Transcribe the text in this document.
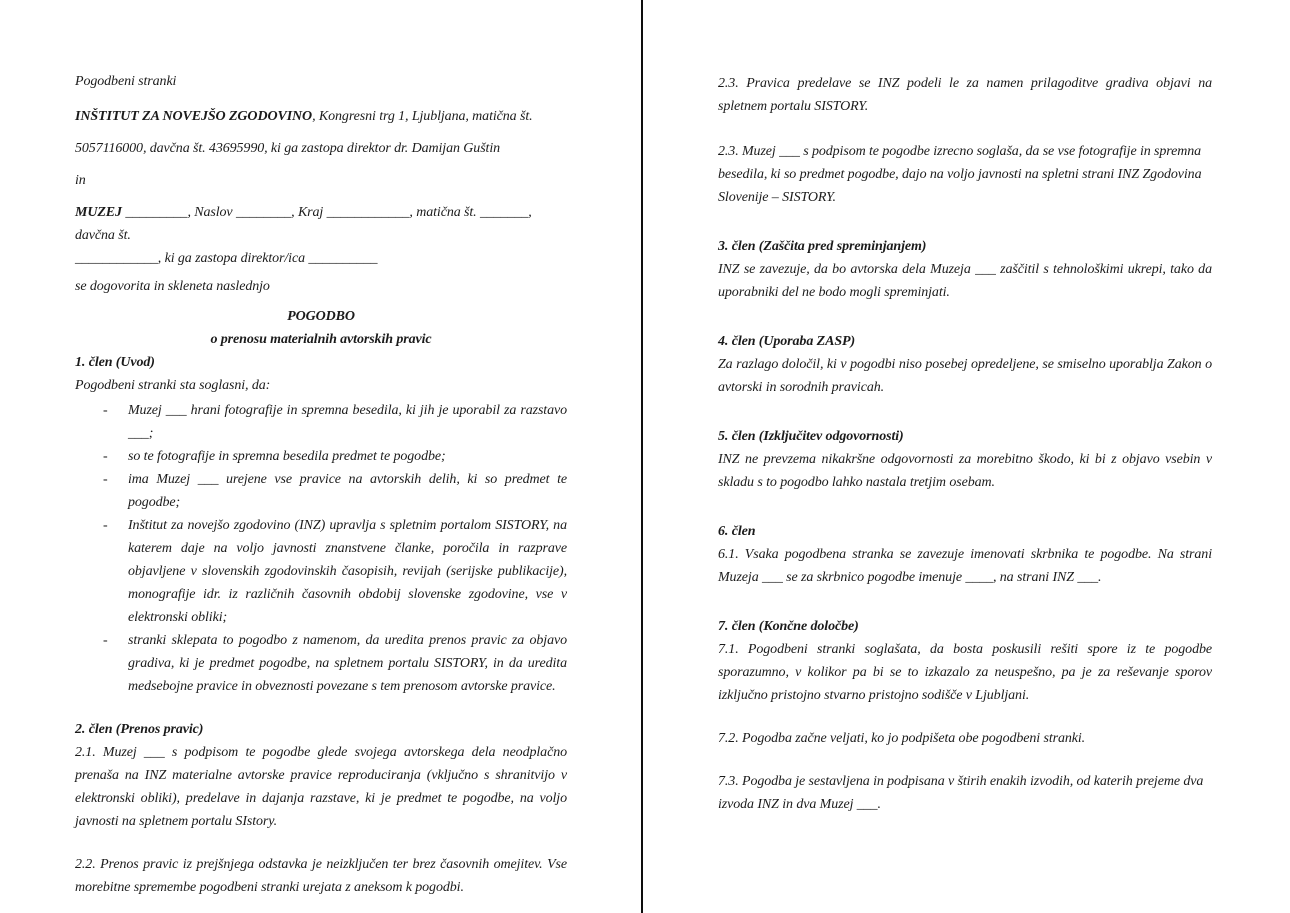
Pogodbeni stranki

INŠTITUT ZA NOVEJŠO ZGODOVINO, Kongresni trg 1, Ljubljana, matična št.

5057116000, davčna št. 43695990, ki ga zastopa direktor dr. Damijan Guštin

in

MUZEJ _________, Naslov ________, Kraj ____________, matična št. _______, davčna št.

____________, ki ga zastopa direktor/ica __________

se dogovorita in skleneta naslednjo

POGODBO

o prenosu materialnih avtorskih pravic

1. člen (Uvod)

Pogodbeni stranki sta soglasni, da:

- Muzej ___ hrani fotografije in spremna besedila, ki jih je uporabil za razstavo ___;
- so te fotografije in spremna besedila predmet te pogodbe;
- ima Muzej ___ urejene vse pravice na avtorskih delih, ki so predmet te pogodbe;
- Inštitut za novejšo zgodovino (INZ) upravlja s spletnim portalom SISTORY, na katerem daje na voljo javnosti znanstvene članke, poročila in razprave objavljene v slovenskih zgodovinskih časopisih, revijah (serijske publikacije), monografije idr. iz različnih časovnih obdobij slovenske zgodovine, vse v elektronski obliki;
- stranki sklepata to pogodbo z namenom, da uredita prenos pravic za objavo gradiva, ki je predmet pogodbe, na spletnem portalu SISTORY, in da uredita medsebojne pravice in obveznosti povezane s tem prenosom avtorske pravice.

2. člen (Prenos pravic)

2.1. Muzej ___ s podpisom te pogodbe glede svojega avtorskega dela neodplačno prenaša na INZ materialne avtorske pravice reproduciranja (vključno s shranitvijo v elektronski obliki), predelave in dajanja razstave, ki je predmet te pogodbe, na voljo javnosti na spletnem portalu SIstory.

2.2. Prenos pravic iz prejšnjega odstavka je neizključen ter brez časovnih omejitev. Vse morebitne spremembe pogodbeni stranki urejata z aneksom k pogodbi.

2.3. Pravica predelave se INZ podeli le za namen prilagoditve gradiva objavi na spletnem portalu SISTORY.

2.3. Muzej ___ s podpisom te pogodbe izrecno soglaša, da se vse fotografije in spremna besedila, ki so predmet pogodbe, dajo na voljo javnosti na spletni strani INZ Zgodovina Slovenije – SISTORY.

3. člen (Zaščita pred spreminjanjem)

INZ se zavezuje, da bo avtorska dela Muzeja ___ zaščitil s tehnološkimi ukrepi, tako da uporabniki del ne bodo mogli spreminjati.

4. člen (Uporaba ZASP)

Za razlago določil, ki v pogodbi niso posebej opredeljene, se smiselno uporablja Zakon o avtorski in sorodnih pravicah.

5. člen (Izključitev odgovornosti)

INZ ne prevzema nikakršne odgovornosti za morebitno škodo, ki bi z objavo vsebin v skladu s to pogodbo lahko nastala tretjim osebam.

6. člen

6.1. Vsaka pogodbena stranka se zavezuje imenovati skrbnika te pogodbe. Na strani Muzeja ___ se za skrbnico pogodbe imenuje ____, na strani INZ ___.

7. člen (Končne določbe)

7.1. Pogodbeni stranki soglašata, da bosta poskusili rešiti spore iz te pogodbe sporazumno, v kolikor pa bi se to izkazalo za neuspešno, pa je za reševanje sporov izključno pristojno stvarno pristojno sodišče v Ljubljani.

7.2. Pogodba začne veljati, ko jo podpišeta obe pogodbeni stranki.

7.3. Pogodba je sestavljena in podpisana v štirih enakih izvodih, od katerih prejeme dva izvoda INZ in dva Muzej ___.
